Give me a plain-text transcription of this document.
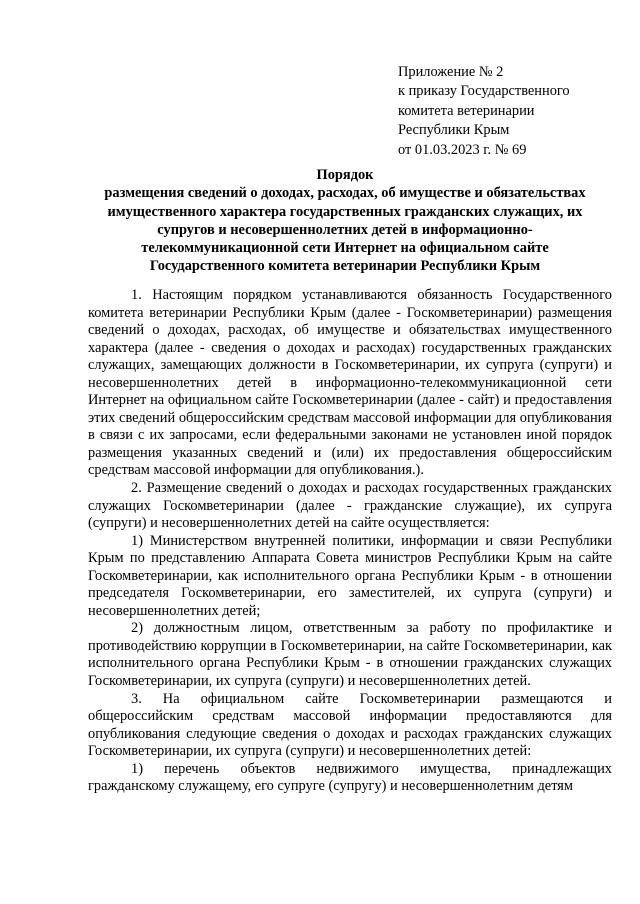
Приложение № 2
к приказу Государственного
комитета ветеринарии
Республики Крым
от 01.03.2023 г. № 69
Порядок
размещения сведений о доходах, расходах, об имуществе и обязательствах
имущественного характера государственных гражданских служащих, их
супругов и несовершеннолетних детей в информационно-
телекоммуникационной сети Интернет на официальном сайте
Государственного комитета ветеринарии Республики Крым

1. Настоящим порядком устанавливаются обязанность Государственного комитета ветеринарии Республики Крым (далее - Госкомветеринарии) размещения сведений о доходах, расходах, об имуществе и обязательствах имущественного характера (далее - сведения о доходах и расходах) государственных гражданских служащих, замещающих должности в Госкомветеринарии, их супруга (супруги) и несовершеннолетних детей в информационно-телекоммуникационной сети Интернет на официальном сайте Госкомветеринарии (далее - сайт) и предоставления этих сведений общероссийским средствам массовой информации для опубликования в связи с их запросами, если федеральными законами не установлен иной порядок размещения указанных сведений и (или) их предоставления общероссийским средствам массовой информации для опубликования.).

2. Размещение сведений о доходах и расходах государственных гражданских служащих Госкомветеринарии (далее - гражданские служащие), их супруга (супруги) и несовершеннолетних детей на сайте осуществляется:

1) Министерством внутренней политики, информации и связи Республики Крым по представлению Аппарата Совета министров Республики Крым на сайте Госкомветеринарии, как исполнительного органа Республики Крым - в отношении председателя Госкомветеринарии, его заместителей, их супруга (супруги) и несовершеннолетних детей;

2) должностным лицом, ответственным за работу по профилактике и противодействию коррупции в Госкомветеринарии, на сайте Госкомветеринарии, как исполнительного органа Республики Крым - в отношении гражданских служащих Госкомветеринарии, их супруга (супруги) и несовершеннолетних детей.

3. На официальном сайте Госкомветеринарии размещаются и общероссийским средствам массовой информации предоставляются для опубликования следующие сведения о доходах и расходах гражданских служащих Госкомветеринарии, их супруга (супруги) и несовершеннолетних детей:

1) перечень объектов недвижимого имущества, принадлежащих гражданскому служащему, его супруге (супругу) и несовершеннолетним детям
